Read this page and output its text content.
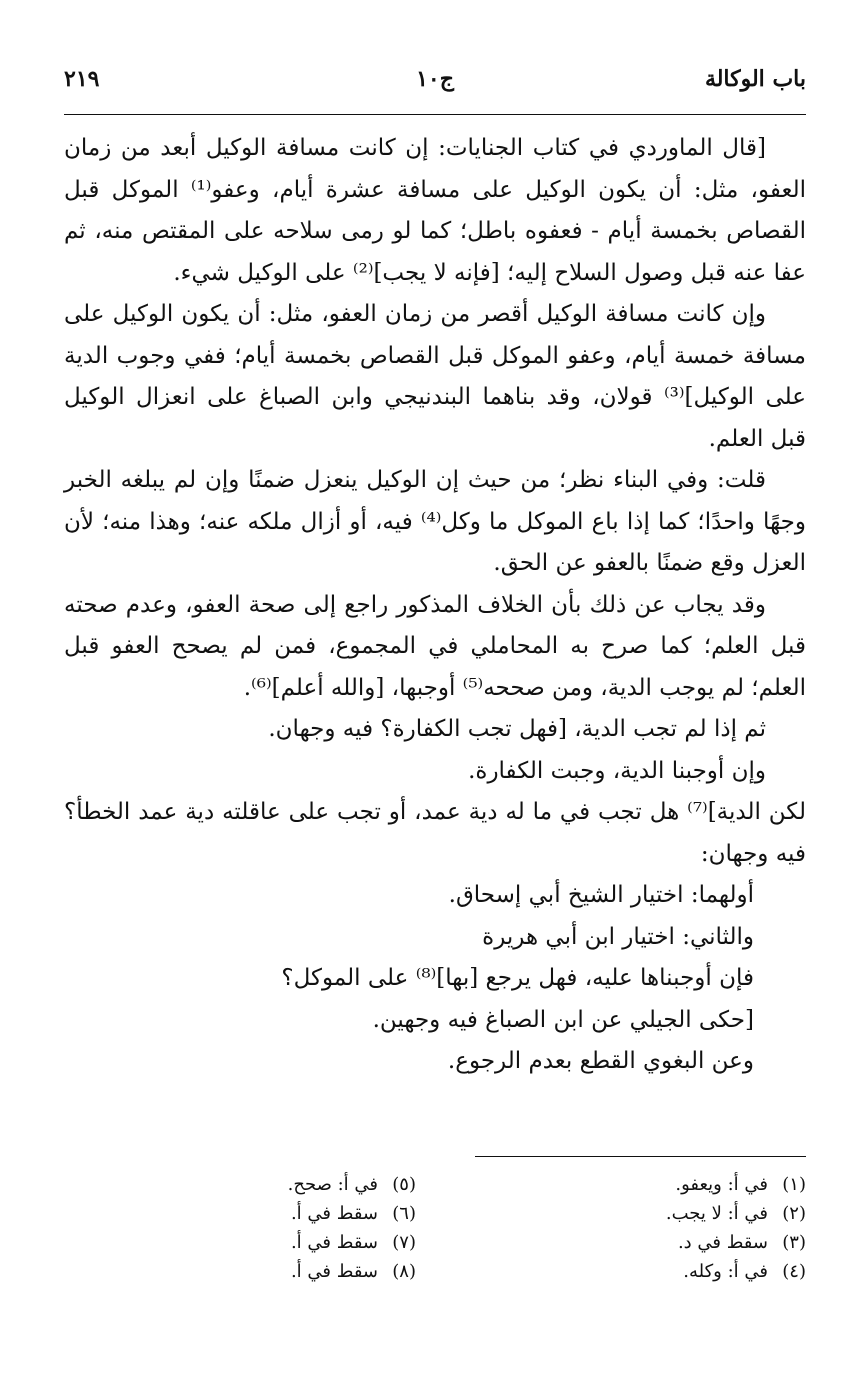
باب الوكالة
ج١٠
٢١٩

[قال الماوردي في كتاب الجنايات: إن كانت مسافة الوكيل أبعد من زمان العفو، مثل: أن يكون الوكيل على مسافة عشرة أيام، وعفو⁽¹⁾ الموكل قبل القصاص بخمسة أيام - فعفوه باطل؛ كما لو رمى سلاحه على المقتص منه، ثم عفا عنه قبل وصول السلاح إليه؛ [فإنه لا يجب]⁽²⁾ على الوكيل شيء.

وإن كانت مسافة الوكيل أقصر من زمان العفو، مثل: أن يكون الوكيل على مسافة خمسة أيام، وعفو الموكل قبل القصاص بخمسة أيام؛ ففي وجوب الدية على الوكيل]⁽³⁾ قولان، وقد بناهما البندنيجي وابن الصباغ على انعزال الوكيل قبل العلم.

قلت: وفي البناء نظر؛ من حيث إن الوكيل ينعزل ضمنًا وإن لم يبلغه الخبر وجهًا واحدًا؛ كما إذا باع الموكل ما وكل⁽⁴⁾ فيه، أو أزال ملكه عنه؛ وهذا منه؛ لأن العزل وقع ضمنًا بالعفو عن الحق.

وقد يجاب عن ذلك بأن الخلاف المذكور راجع إلى صحة العفو، وعدم صحته قبل العلم؛ كما صرح به المحاملي في المجموع، فمن لم يصحح العفو قبل العلم؛ لم يوجب الدية، ومن صححه⁽⁵⁾ أوجبها، [والله أعلم]⁽⁶⁾.

ثم إذا لم تجب الدية، [فهل تجب الكفارة؟ فيه وجهان.

وإن أوجبنا الدية، وجبت الكفارة.

لكن الدية]⁽⁷⁾ هل تجب في ما له دية عمد، أو تجب على عاقلته دية عمد الخطأ؟ فيه وجهان:

أولهما: اختيار الشيخ أبي إسحاق.

والثاني: اختيار ابن أبي هريرة

فإن أوجبناها عليه، فهل يرجع [بها]⁽⁸⁾ على الموكل؟

[حكى الجيلي عن ابن الصباغ فيه وجهين.

وعن البغوي القطع بعدم الرجوع.

(١)في أ: ويعفو.
(٢)في أ: لا يجب.
(٣)سقط في د.
(٤)في أ: وكله.
(٥)في أ: صحح.
(٦)سقط في أ.
(٧)سقط في أ.
(٨)سقط في أ.
